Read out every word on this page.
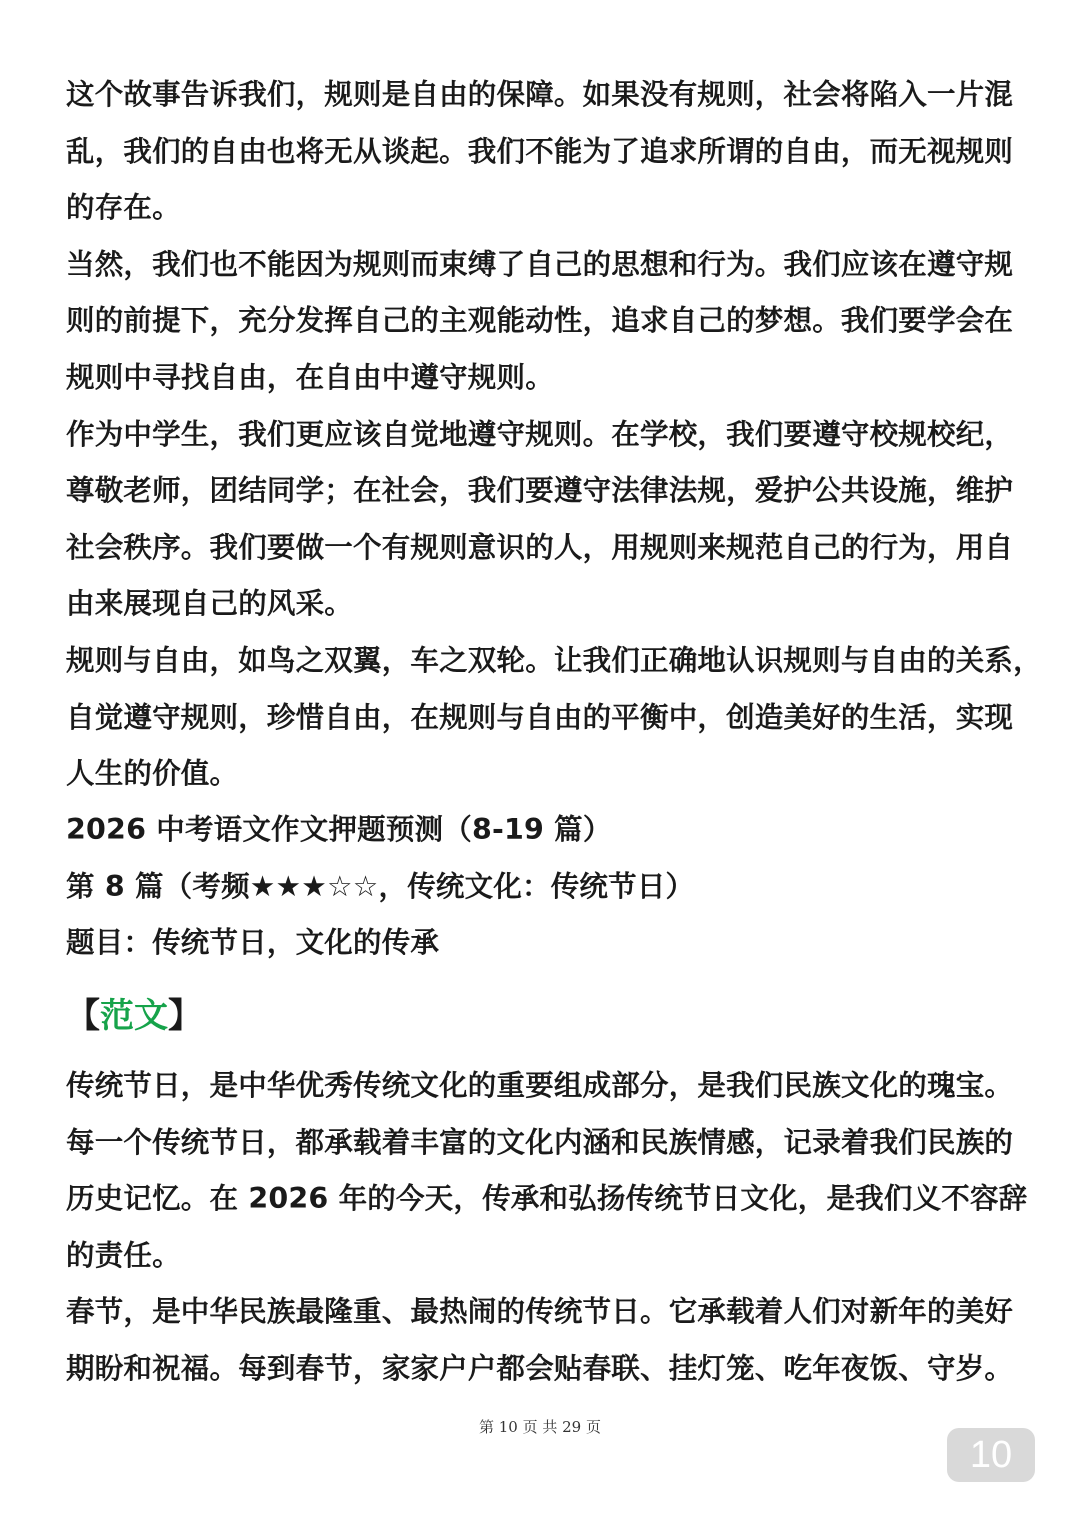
这个故事告诉我们，规则是自由的保障。如果没有规则，社会将陷入一片混
乱，我们的自由也将无从谈起。我们不能为了追求所谓的自由，而无视规则
的存在。
当然，我们也不能因为规则而束缚了自己的思想和行为。我们应该在遵守规
则的前提下，充分发挥自己的主观能动性，追求自己的梦想。我们要学会在
规则中寻找自由，在自由中遵守规则。
作为中学生，我们更应该自觉地遵守规则。在学校，我们要遵守校规校纪，
尊敬老师，团结同学；在社会，我们要遵守法律法规，爱护公共设施，维护
社会秩序。我们要做一个有规则意识的人，用规则来规范自己的行为，用自
由来展现自己的风采。
规则与自由，如鸟之双翼，车之双轮。让我们正确地认识规则与自由的关系，
自觉遵守规则，珍惜自由，在规则与自由的平衡中，创造美好的生活，实现
人生的价值。
2026 中考语文作文押题预测（8-19 篇）
第 8 篇（考频★★★☆☆，传统文化：传统节日）
题目：传统节日，文化的传承
【范文】
传统节日，是中华优秀传统文化的重要组成部分，是我们民族文化的瑰宝。
每一个传统节日，都承载着丰富的文化内涵和民族情感，记录着我们民族的
历史记忆。在 2026 年的今天，传承和弘扬传统节日文化，是我们义不容辞
的责任。
春节，是中华民族最隆重、最热闹的传统节日。它承载着人们对新年的美好
期盼和祝福。每到春节，家家户户都会贴春联、挂灯笼、吃年夜饭、守岁。
第 10 页 共 29 页
10
